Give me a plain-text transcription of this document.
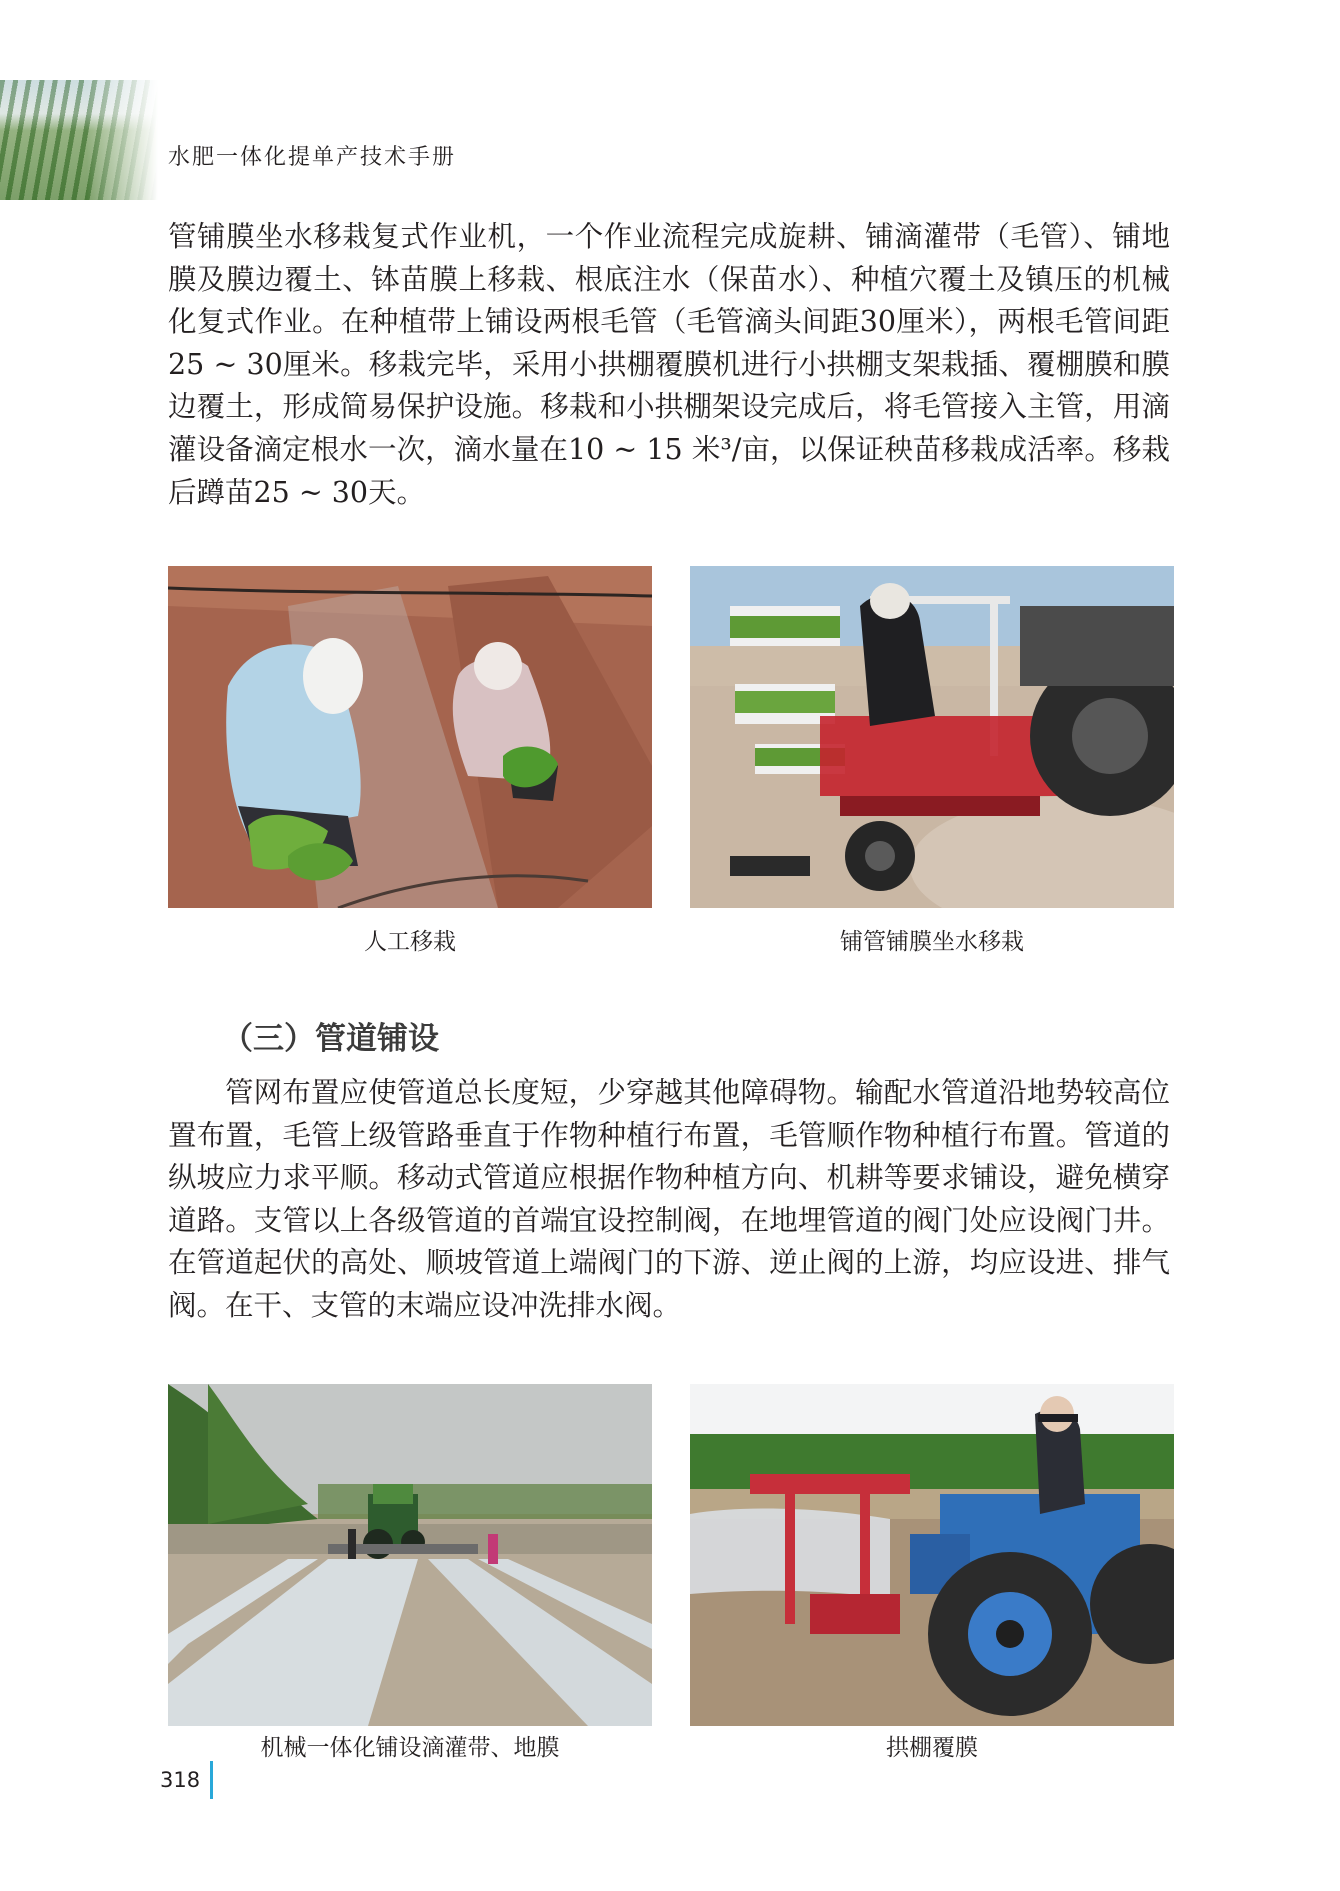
水肥一体化提单产技术手册

管铺膜坐水移栽复式作业机，一个作业流程完成旋耕、铺滴灌带（毛管）、铺地膜及膜边覆土、钵苗膜上移栽、根底注水（保苗水）、种植穴覆土及镇压的机械化复式作业。在种植带上铺设两根毛管（毛管滴头间距30厘米），两根毛管间距25 ~ 30厘米。移栽完毕，采用小拱棚覆膜机进行小拱棚支架栽插、覆棚膜和膜边覆土，形成简易保护设施。移栽和小拱棚架设完成后，将毛管接入主管，用滴灌设备滴定根水一次，滴水量在10 ~ 15 米³/亩，以保证秧苗移栽成活率。移栽后蹲苗25 ~ 30天。

人工移栽	铺管铺膜坐水移栽
（三）管道铺设

管网布置应使管道总长度短，少穿越其他障碍物。输配水管道沿地势较高位置布置，毛管上级管路垂直于作物种植行布置，毛管顺作物种植行布置。管道的纵坡应力求平顺。移动式管道应根据作物种植方向、机耕等要求铺设，避免横穿道路。支管以上各级管道的首端宜设控制阀，在地埋管道的阀门处应设阀门井。在管道起伏的高处、顺坡管道上端阀门的下游、逆止阀的上游，均应设进、排气阀。在干、支管的末端应设冲洗排水阀。

机械一体化铺设滴灌带、地膜	拱棚覆膜
318
